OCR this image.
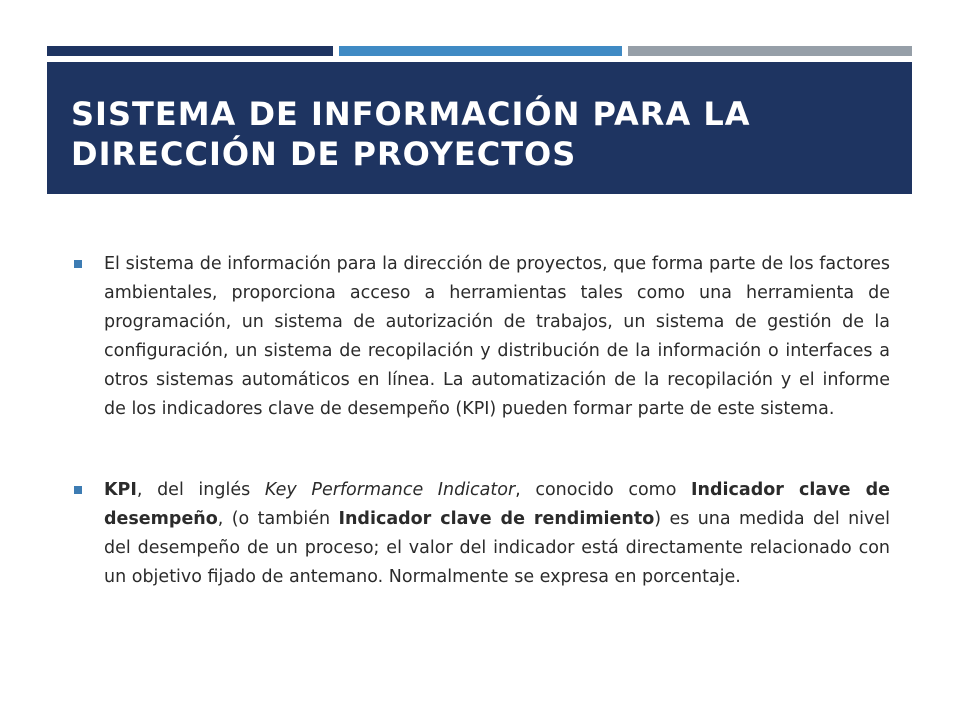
SISTEMA DE INFORMACIÓN PARA LA DIRECCIÓN DE PROYECTOS
El sistema de información para la dirección de proyectos, que forma parte de los factores ambientales, proporciona acceso a herramientas tales como una herramienta de programación, un sistema de autorización de trabajos, un sistema de gestión de la configuración, un sistema de recopilación y distribución de la información o interfaces a otros sistemas automáticos en línea. La automatización de la recopilación y el informe de los indicadores clave de desempeño (KPI) pueden formar parte de este sistema.
KPI, del inglés Key Performance Indicator, conocido como Indicador clave de desempeño, (o también Indicador clave de rendimiento) es una medida del nivel del desempeño de un proceso; el valor del indicador está directamente relacionado con un objetivo fijado de antemano. Normalmente se expresa en porcentaje.
